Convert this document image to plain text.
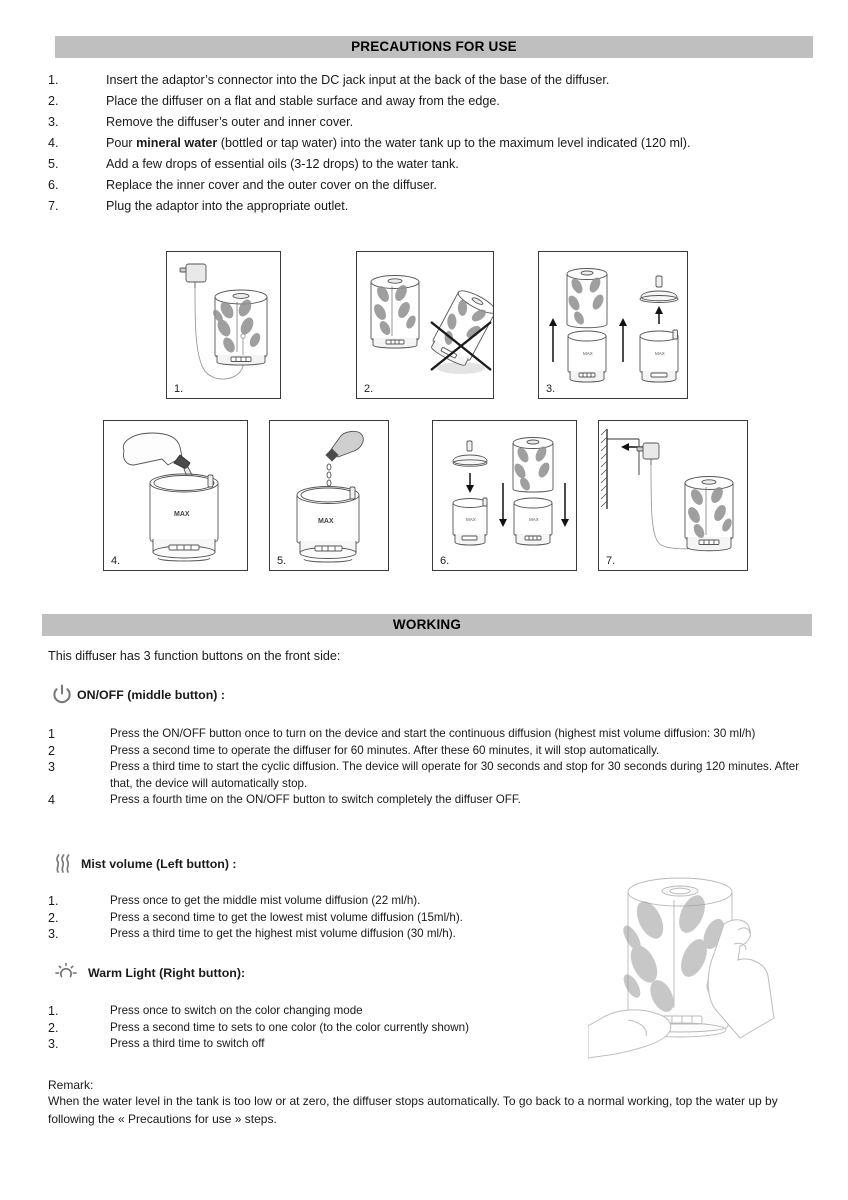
PRECAUTIONS FOR USE
1.	Insert the adaptor’s connector into the DC jack input at the back of the base of the diffuser.
2.	Place the diffuser on a flat and stable surface and away from the edge.
3.	Remove the diffuser’s outer and inner cover.
4.	Pour mineral water (bottled or tap water) into the water tank up to the maximum level indicated (120 ml).
5.	Add a few drops of essential oils (3-12 drops) to the water tank.
6.	Replace the inner cover and the outer cover on the diffuser.
7.	Plug the adaptor into the appropriate outlet.
1.	2.
MAX	MAX
3.
MAX
4.
MAX
5.
MAX	MAX
6.	7.
WORKING
This diffuser has 3 function buttons on the front side:
ON/OFF (middle button) :
1	Press the ON/OFF button once to turn on the device and start the continuous diffusion (highest mist volume diffusion: 30 ml/h)
2	Press a second time to operate the diffuser for 60 minutes. After these 60 minutes, it will stop automatically.
3	Press a third time to start the cyclic diffusion. The device will operate for 30 seconds and stop for 30 seconds during 120 minutes. After that, the device will automatically stop.
4	Press a fourth time on the ON/OFF button to switch completely the diffuser OFF.
Mist volume (Left button) :
1.	Press once to get the middle mist volume diffusion (22 ml/h).
2.	Press a second time to get the lowest mist volume diffusion (15ml/h).
3.	Press a third time to get the highest mist volume diffusion (30 ml/h).
Warm Light (Right button):
1.	Press once to switch on the color changing mode
2.	Press a second time to sets to one color (to the color currently shown)
3.	Press a third time to switch off
Remark:
When the water level in the tank is too low or at zero, the diffuser stops automatically. To go back to a normal working, top the water up by following the « Precautions for use » steps.
